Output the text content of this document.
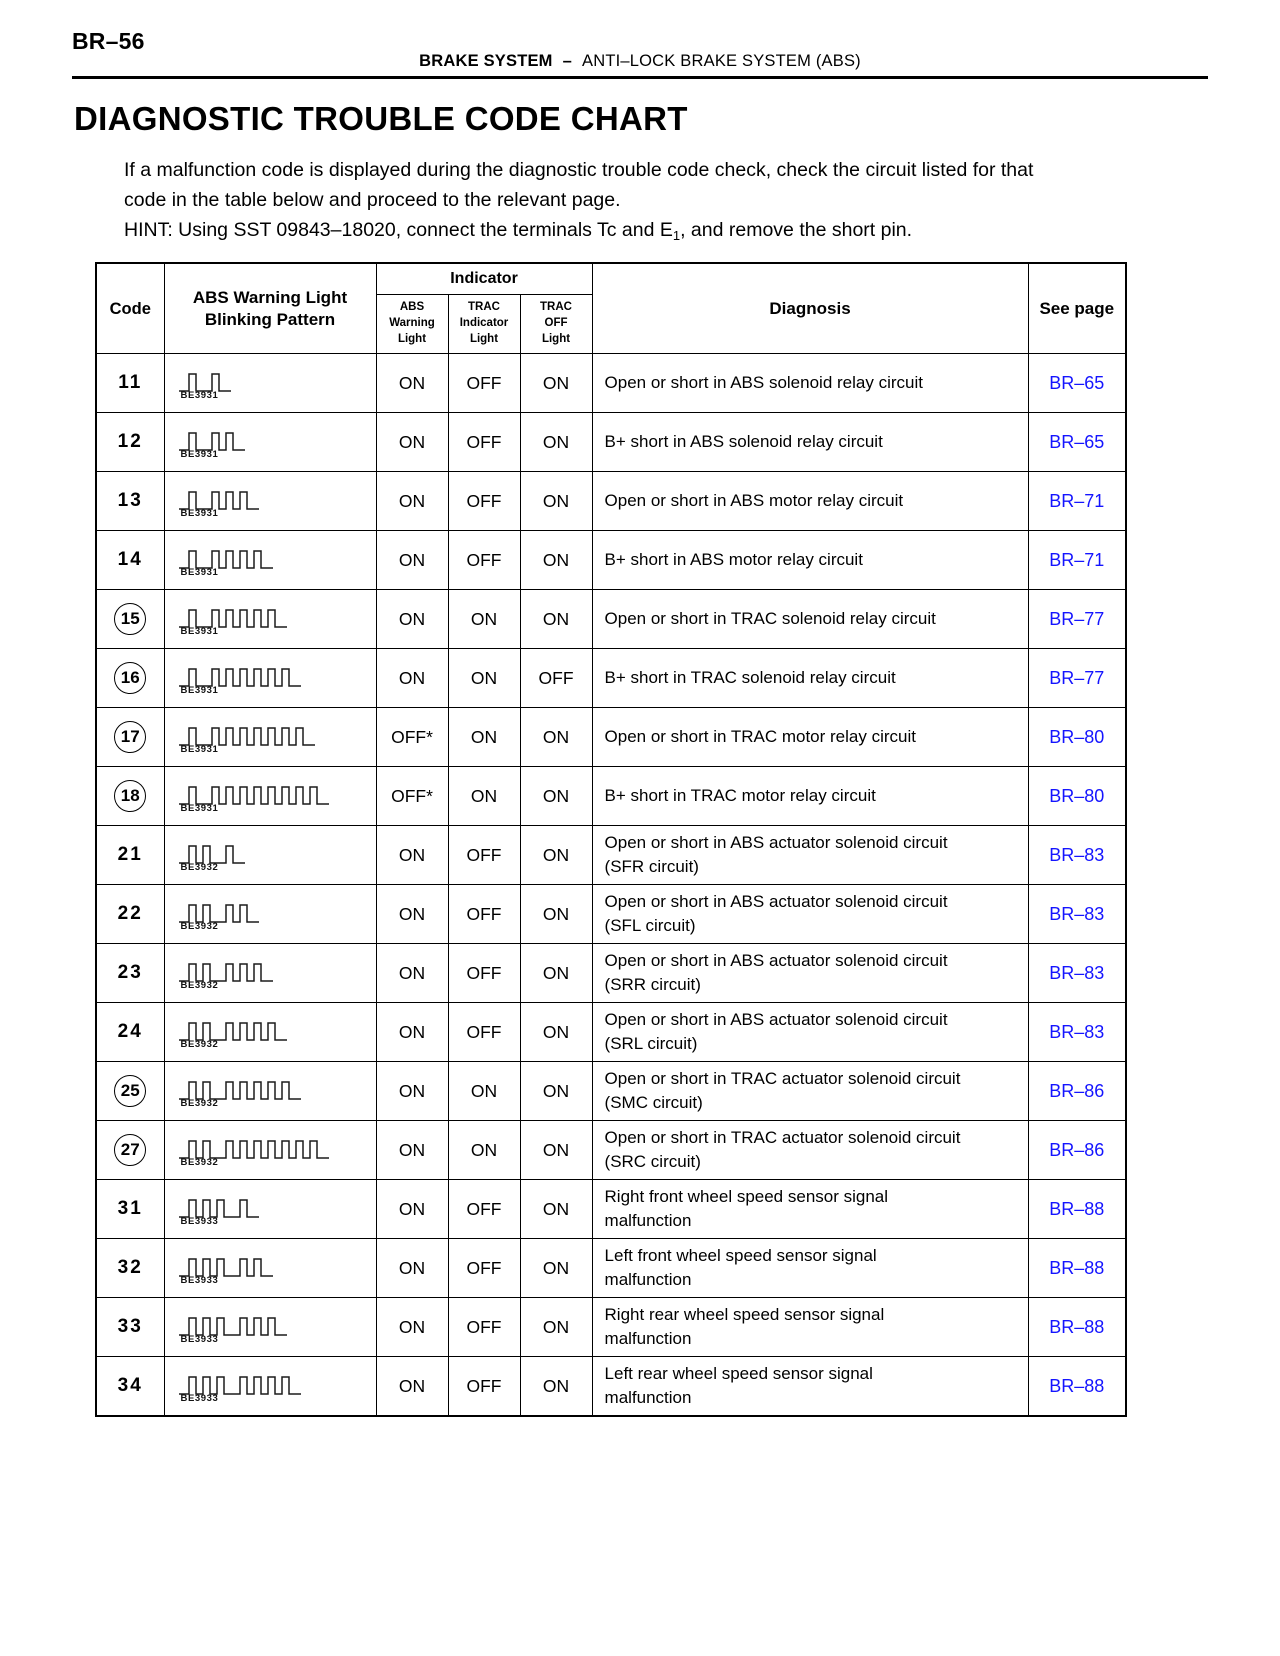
BR–56
BRAKE SYSTEM – ANTI–LOCK BRAKE SYSTEM (ABS)
DIAGNOSTIC TROUBLE CODE CHART

If a malfunction code is displayed during the diagnostic trouble code check, check the circuit listed for that

code in the table below and proceed to the relevant page.

HINT: Using SST 09843–18020, connect the terminals Tc and $E_1$, and remove the short pin.

Code	ABS Warning Light
Blinking Pattern	Indicator			Diagnosis	See page

ABS
Warning
Light

TRAC
Indicator
Light

TRAC
OFF
Light

11	BE3931	ON	OFF	ON	Open or short in ABS solenoid relay circuit	BR–65
12	BE3931	ON	OFF	ON	B+ short in ABS solenoid relay circuit	BR–65
13	BE3931	ON	OFF	ON	Open or short in ABS motor relay circuit	BR–71
14	BE3931	ON	OFF	ON	B+ short in ABS motor relay circuit	BR–71
15	BE3931	ON	ON	ON	Open or short in TRAC solenoid relay circuit	BR–77
16	BE3931	ON	ON	OFF	B+ short in TRAC solenoid relay circuit	BR–77
17	BE3931	OFF*	ON	ON	Open or short in TRAC motor relay circuit	BR–80
18	BE3931	OFF*	ON	ON	B+ short in TRAC motor relay circuit	BR–80
21	BE3932	ON	OFF	ON	Open or short in ABS actuator solenoid circuit
(SFR circuit)	BR–83
22	BE3932	ON	OFF	ON	Open or short in ABS actuator solenoid circuit
(SFL circuit)	BR–83
23	BE3932	ON	OFF	ON	Open or short in ABS actuator solenoid circuit
(SRR circuit)	BR–83
24	BE3932	ON	OFF	ON	Open or short in ABS actuator solenoid circuit
(SRL circuit)	BR–83
25	BE3932	ON	ON	ON	Open or short in TRAC actuator solenoid circuit
(SMC circuit)	BR–86
27	BE3932	ON	ON	ON	Open or short in TRAC actuator solenoid circuit
(SRC circuit)	BR–86
31	BE3933	ON	OFF	ON	Right front wheel speed sensor signal
malfunction	BR–88
32	BE3933	ON	OFF	ON	Left front wheel speed sensor signal
malfunction	BR–88
33	BE3933	ON	OFF	ON	Right rear wheel speed sensor signal
malfunction	BR–88
34	BE3933	ON	OFF	ON	Left rear wheel speed sensor signal
malfunction	BR–88
